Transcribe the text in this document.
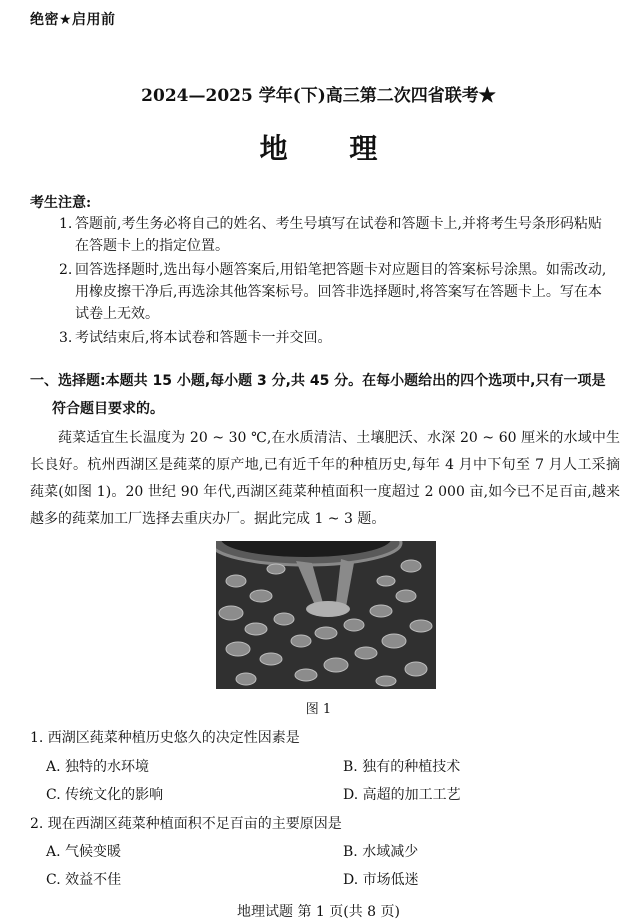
绝密★启用前
2024—2025 学年(下)高三第二次四省联考★
地 理
考生注意:
1. 答题前,考生务必将自己的姓名、考生号填写在试卷和答题卡上,并将考生号条形码粘贴在答题卡上的指定位置。
2. 回答选择题时,选出每小题答案后,用铅笔把答题卡对应题目的答案标号涂黑。如需改动,用橡皮擦干净后,再选涂其他答案标号。回答非选择题时,将答案写在答题卡上。写在本试卷上无效。
3. 考试结束后,将本试卷和答题卡一并交回。
一、选择题:本题共 15 小题,每小题 3 分,共 45 分。在每小题给出的四个选项中,只有一项是
符合题目要求的。
莼菜适宜生长温度为 20 ~ 30 ℃,在水质清洁、土壤肥沃、水深 20 ~ 60 厘米的水域中生长良好。杭州西湖区是莼菜的原产地,已有近千年的种植历史,每年 4 月中下旬至 7 月人工采摘莼菜(如图 1)。20 世纪 90 年代,西湖区莼菜种植面积一度超过 2 000 亩,如今已不足百亩,越来越多的莼菜加工厂选择去重庆办厂。据此完成 1 ~ 3 题。
图 1
1. 西湖区莼菜种植历史悠久的决定性因素是
A. 独特的水环境	B. 独有的种植技术
C. 传统文化的影响	D. 高超的加工工艺
2. 现在西湖区莼菜种植面积不足百亩的主要原因是
A. 气候变暖	B. 水域减少
C. 效益不佳	D. 市场低迷
地理试题 第 1 页(共 8 页)
